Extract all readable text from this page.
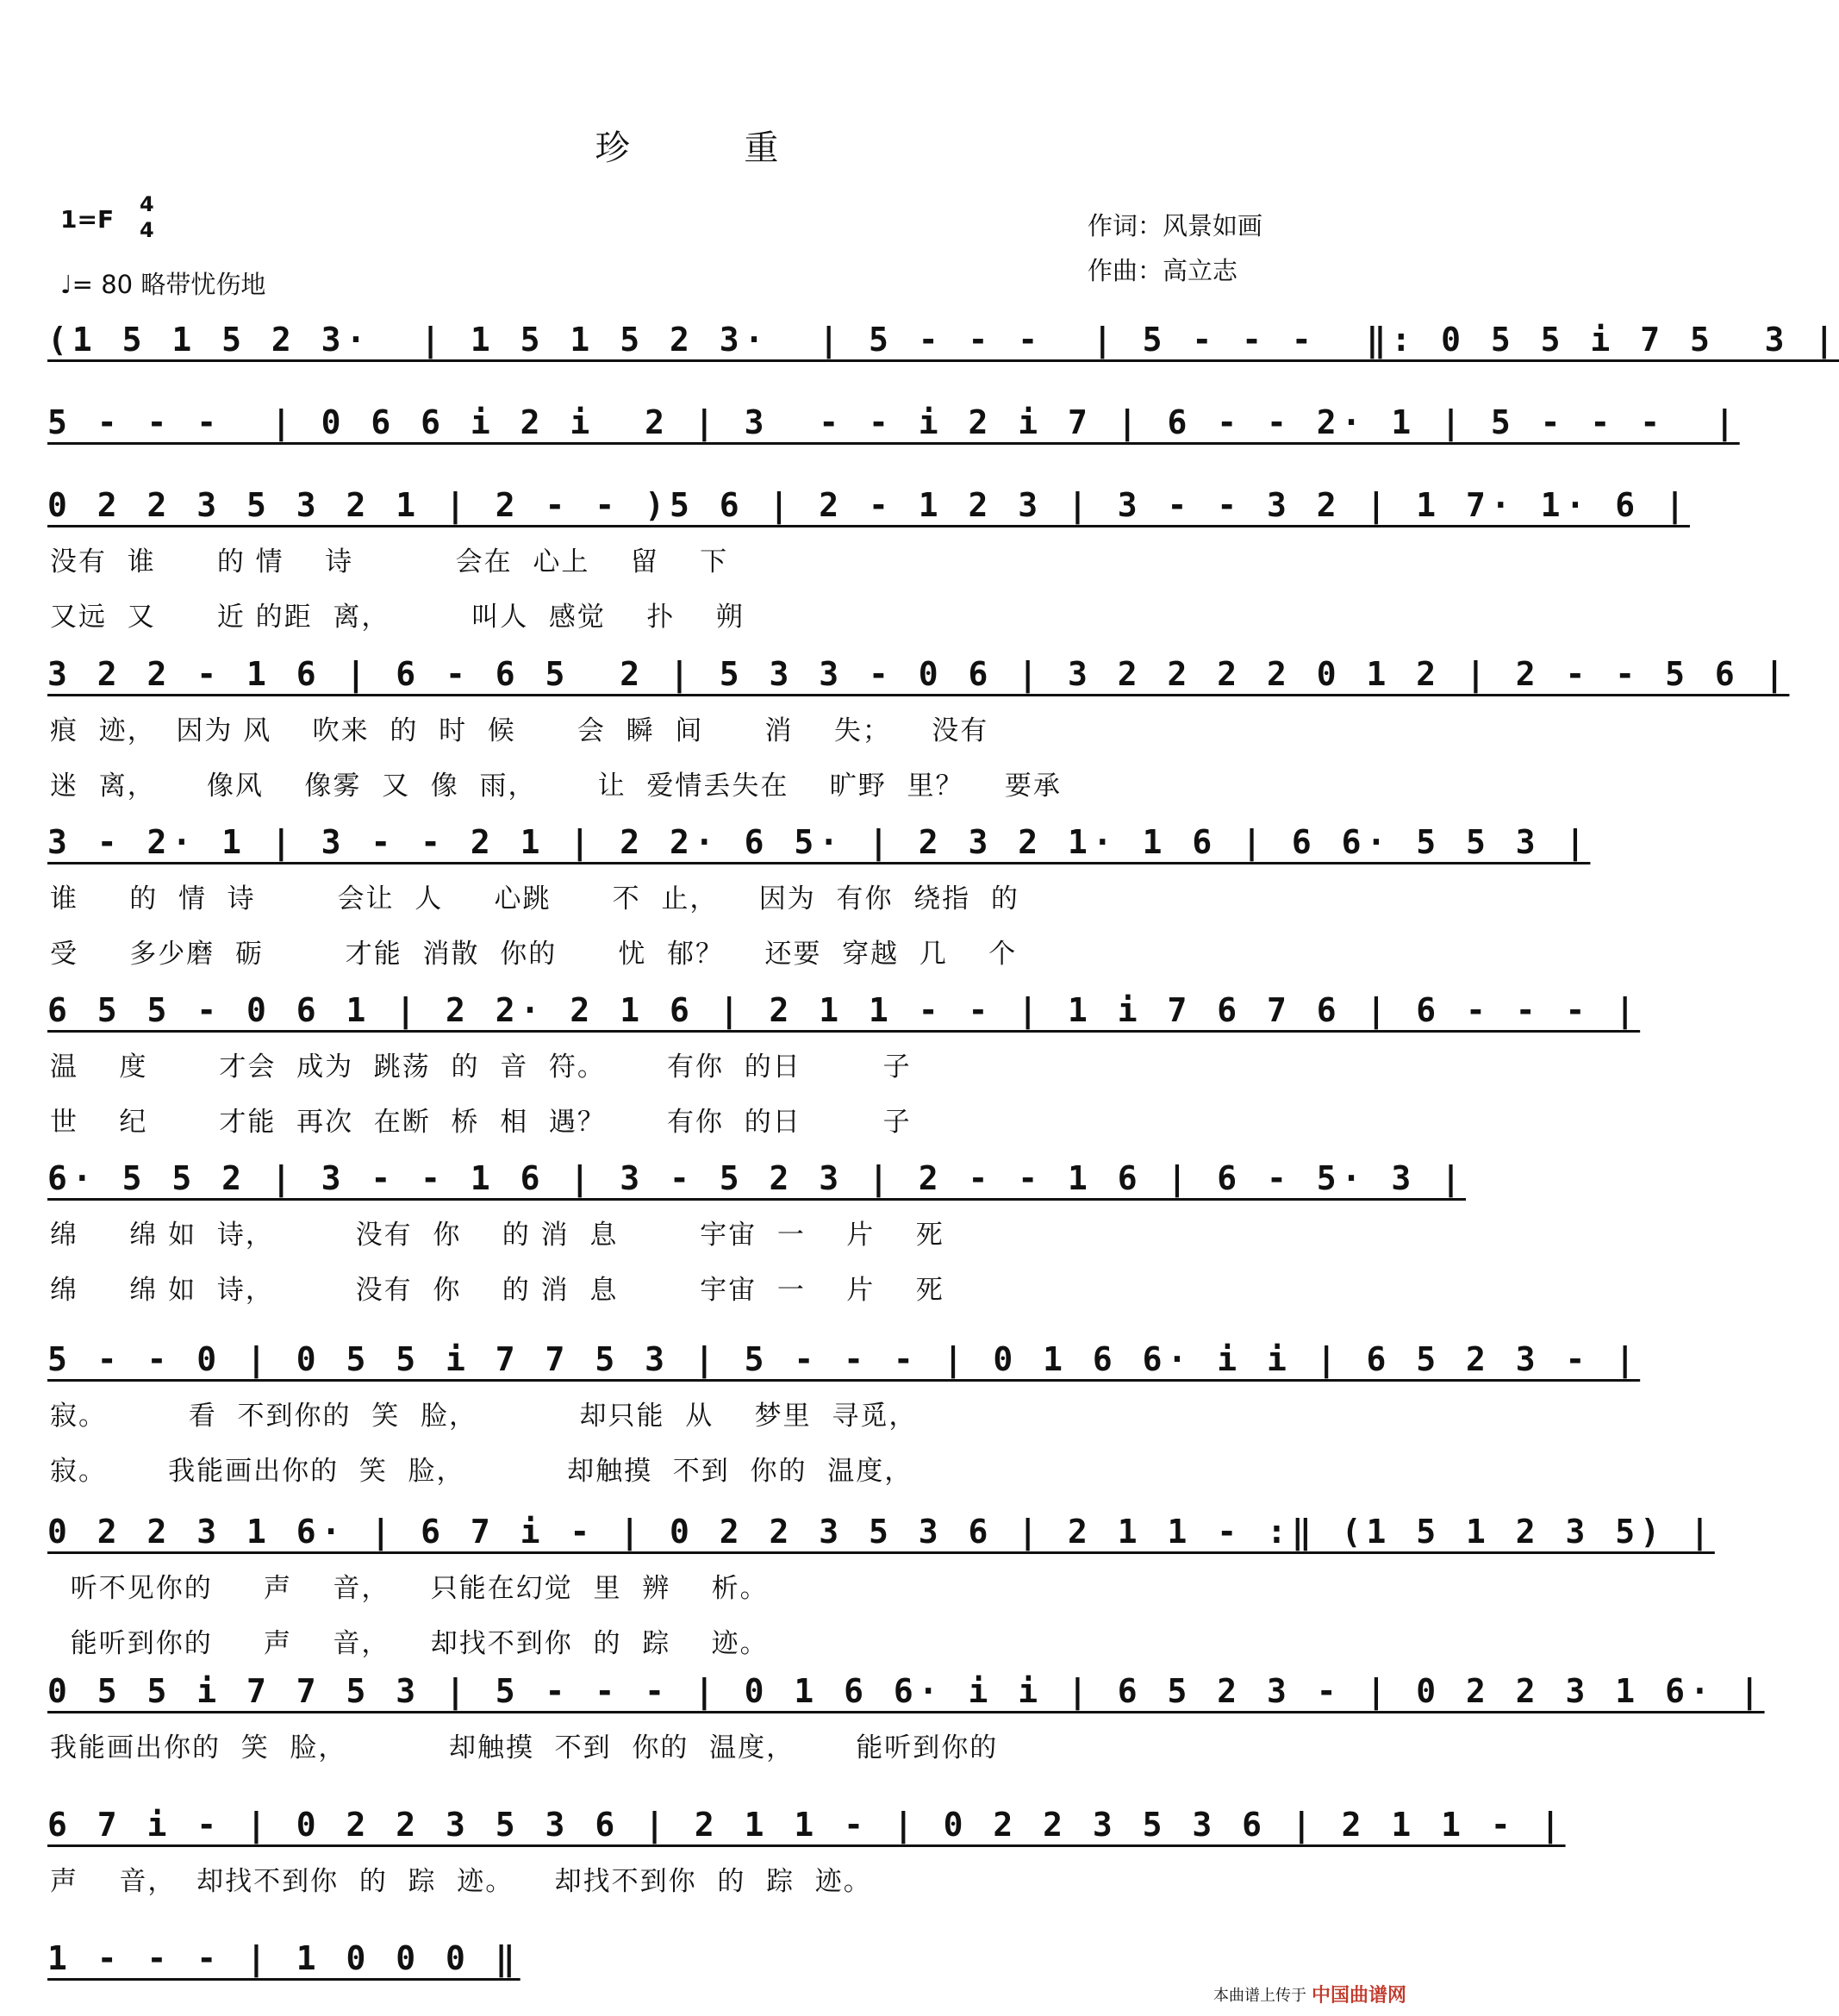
珍 重
1=F
4
4
♩= 80 略带忧伤地
作词：风景如画
作曲：高立志
(1 5 1 5 2 3·  | 1 5 1 5 2 3·  | 5 - - -  | 5 - - -  ‖: 0 5 5 i 7 5  3 |
5 - - -  | 0 6 6 i 2 i  2 | 3  - - i 2 i 7 | 6 - - 2· 1 | 5 - - -  |
0 2 2 3 5 3 2 1 | 2 - - )5 6 | 2 - 1 2 3 | 3 - - 3 2 | 1 7· 1· 6 |
没有  谁      的 情    诗          会在  心上    留    下
又远  又      近 的距  离，        叫人  感觉    扑    朔
3 2 2 - 1 6 | 6 - 6 5  2 | 5 3 3 - 0 6 | 3 2 2 2 2 0 1 2 | 2 - - 5 6 |
痕  迹，  因为 风    吹来  的  时  候      会  瞬  间      消    失；    没有
迷  离，     像风    像雾  又  像  雨，      让  爱情丢失在    旷野  里？    要承
3 - 2· 1 | 3 - - 2 1 | 2 2· 6 5· | 2 3 2 1· 1 6 | 6 6· 5 5 3 |
谁     的  情  诗        会让  人     心跳      不  止，    因为  有你  绕指  的
受     多少磨  砺        才能  消散  你的      忧  郁？    还要  穿越  几    个
6 5 5 - 0 6 1 | 2 2· 2 1 6 | 2 1 1 - - | 1 i 7 6 7 6 | 6 - - - |
温    度       才会  成为  跳荡  的  音  符。      有你  的日        子
世    纪       才能  再次  在断  桥  相  遇？      有你  的日        子
6· 5 5 2 | 3 - - 1 6 | 3 - 5 2 3 | 2 - - 1 6 | 6 - 5· 3 |
绵     绵 如  诗，        没有  你    的 消  息        宇宙  一    片    死
绵     绵 如  诗，        没有  你    的 消  息        宇宙  一    片    死
5 - - 0 | 0 5 5 i 7 7 5 3 | 5 - - - | 0 1 6 6· i i | 6 5 2 3 - |
寂。        看  不到你的  笑  脸，          却只能  从    梦里  寻觅，
寂。      我能画出你的  笑  脸，          却触摸  不到  你的  温度，
0 2 2 3 1 6· | 6 7 i - | 0 2 2 3 5 3 6 | 2 1 1 - :‖ (1 5 1 2 3 5) |
听不见你的     声    音，    只能在幻觉  里  辨    析。
能听到你的     声    音，    却找不到你  的  踪    迹。
0 5 5 i 7 7 5 3 | 5 - - - | 0 1 6 6· i i | 6 5 2 3 - | 0 2 2 3 1 6· |
我能画出你的  笑  脸，          却触摸  不到  你的  温度，      能听到你的
6 7 i - | 0 2 2 3 5 3 6 | 2 1 1 - | 0 2 2 3 5 3 6 | 2 1 1 - |
声    音，  却找不到你  的  踪  迹。    却找不到你  的  踪  迹。
1 - - - | 1 0 0 0 ‖
本曲谱上传于 中国曲谱网
